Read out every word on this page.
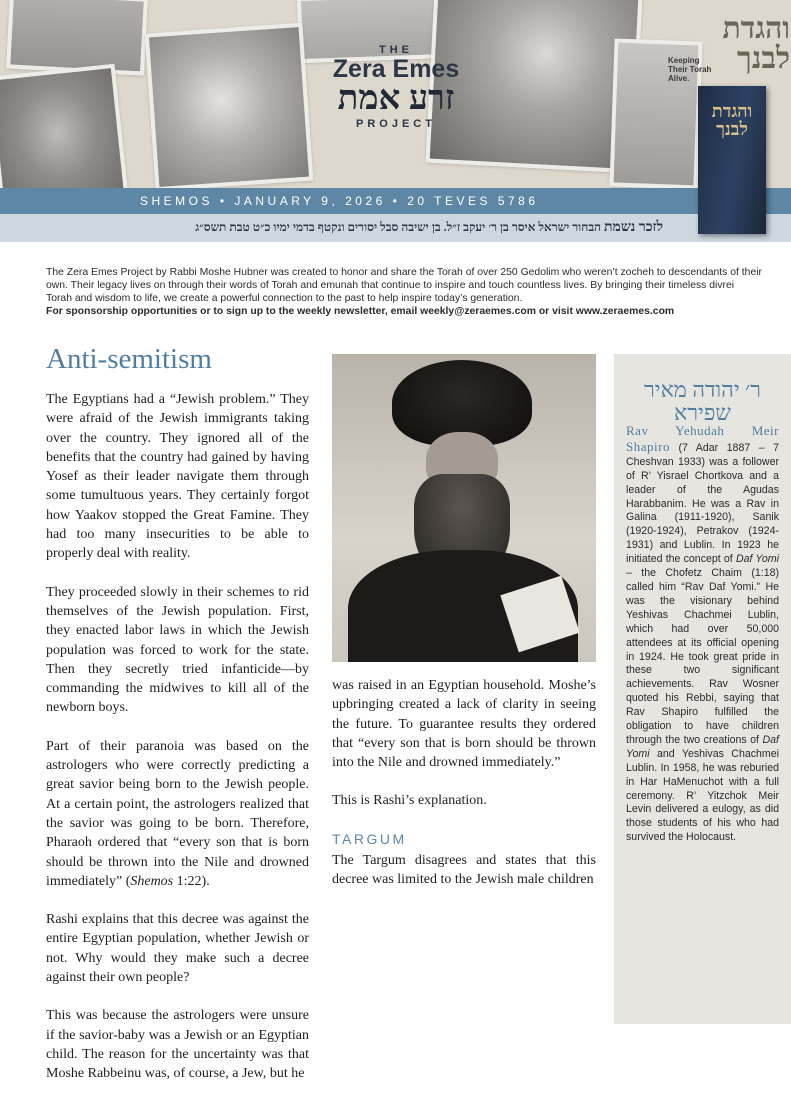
THE
Zera Emes
זרע אמת
PROJECT
והגדת לבנך
Keeping Their Torah Alive.
והגדת לבנך
SHEMOS • JANUARY 9, 2026 • 20 TEVES 5786
לזכר נשמת הבחור ישראל איסר בן ר׳ יעקב ז״ל. בן ישיבה סבל יסורים ונקטף בדמי ימיו כ״ט טבת תשס״ג

The Zera Emes Project by Rabbi Moshe Hubner was created to honor and share the Torah of over 250 Gedolim who weren’t zocheh to descendants of their own. Their legacy lives on through their words of Torah and emunah that continue to inspire and touch countless lives. By bringing their timeless divrei Torah and wisdom to life, we create a powerful connection to the past to help inspire today’s generation.

For sponsorship opportunities or to sign up to the weekly newsletter, email weekly@zeraemes.com or visit www.zeraemes.com

Anti-semitism

The Egyptians had a “Jewish problem.” They were afraid of the Jewish immigrants taking over the country. They ignored all of the benefits that the country had gained by having Yosef as their leader navigate them through some tumultuous years. They certainly forgot how Yaakov stopped the Great Famine. They had too many insecurities to be able to properly deal with reality.

They proceeded slowly in their schemes to rid themselves of the Jewish population. First, they enacted labor laws in which the Jewish population was forced to work for the state. Then they secretly tried infanticide—by commanding the midwives to kill all of the newborn boys.

Part of their paranoia was based on the astrologers who were correctly predicting a great savior being born to the Jewish people. At a certain point, the astrologers realized that the savior was going to be born. Therefore, Pharaoh ordered that “every son that is born should be thrown into the Nile and drowned immediately” (Shemos 1:22).

Rashi explains that this decree was against the entire Egyptian population, whether Jewish or not. Why would they make such a decree against their own people?

This was because the astrologers were unsure if the savior-baby was a Jewish or an Egyptian child. The reason for the uncertainty was that Moshe Rabbeinu was, of course, a Jew, but he

was raised in an Egyptian household. Moshe’s upbringing created a lack of clarity in seeing the future. To guarantee results they ordered that “every son that is born should be thrown into the Nile and drowned immediately.”

This is Rashi’s explanation.

TARGUM

The Targum disagrees and states that this decree was limited to the Jewish male children

ר׳ יהודה מאיר שפירא
Rav Yehudah Meir Shapiro (7 Adar 1887 – 7 Cheshvan 1933) was a follower of R’ Yisrael Chortkova and a leader of the Agudas Harabbanim. He was a Rav in Galina (1911-1920), Sanik (1920-1924), Petrakov (1924-1931) and Lublin. In 1923 he initiated the concept of Daf Yomi – the Chofetz Chaim (1:18) called him “Rav Daf Yomi.” He was the visionary behind Yeshivas Chachmei Lublin, which had over 50,000 attendees at its official opening in 1924. He took great pride in these two significant achievements. Rav Wosner quoted his Rebbi, saying that Rav Shapiro fulfilled the obligation to have children through the two creations of Daf Yomi and Yeshivas Chachmei Lublin. In 1958, he was reburied in Har HaMenuchot with a full ceremony. R’ Yitzchok Meir Levin delivered a eulogy, as did those students of his who had survived the Holocaust.
